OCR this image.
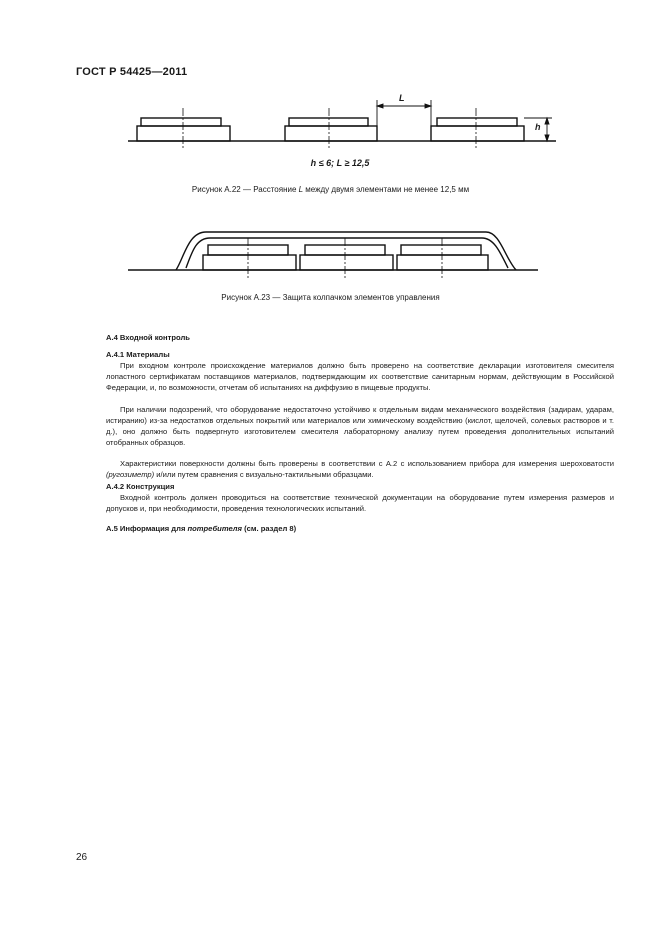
ГОСТ Р 54425—2011
L
h
h ≤ 6; L ≥ 12,5
Рисунок А.22 — Расстояние L между двумя элементами не менее 12,5 мм
Рисунок А.23 — Защита колпачком элементов управления
А.4 Входной контроль
А.4.1 Материалы
При входном контроле происхождение материалов должно быть проверено на соответствие декларации изготовителя смесителя лопастного сертификатам поставщиков материалов, подтверждающим их соответствие санитарным нормам, действующим в Российской Федерации, и, по возможности, отчетам об испытаниях на диффузию в пищевые продукты.
При наличии подозрений, что оборудование недостаточно устойчиво к отдельным видам механического воздействия (задирам, ударам, истиранию) из-за недостатков отдельных покрытий или материалов или химическому воздействию (кислот, щелочей, солевых растворов и т. д.), оно должно быть подвергнуто изготовителем смесителя лабораторному анализу путем проведения дополнительных испытаний отобранных образцов.
Характеристики поверхности должны быть проверены в соответствии с А.2 с использованием прибора для измерения шероховатости (ругозиметр) и/или путем сравнения с визуально-тактильными образцами.
А.4.2 Конструкция
Входной контроль должен проводиться на соответствие технической документации на оборудование путем измерения размеров и допусков и, при необходимости, проведения технологических испытаний.
А.5 Информация для потребителя (см. раздел 8)
26
